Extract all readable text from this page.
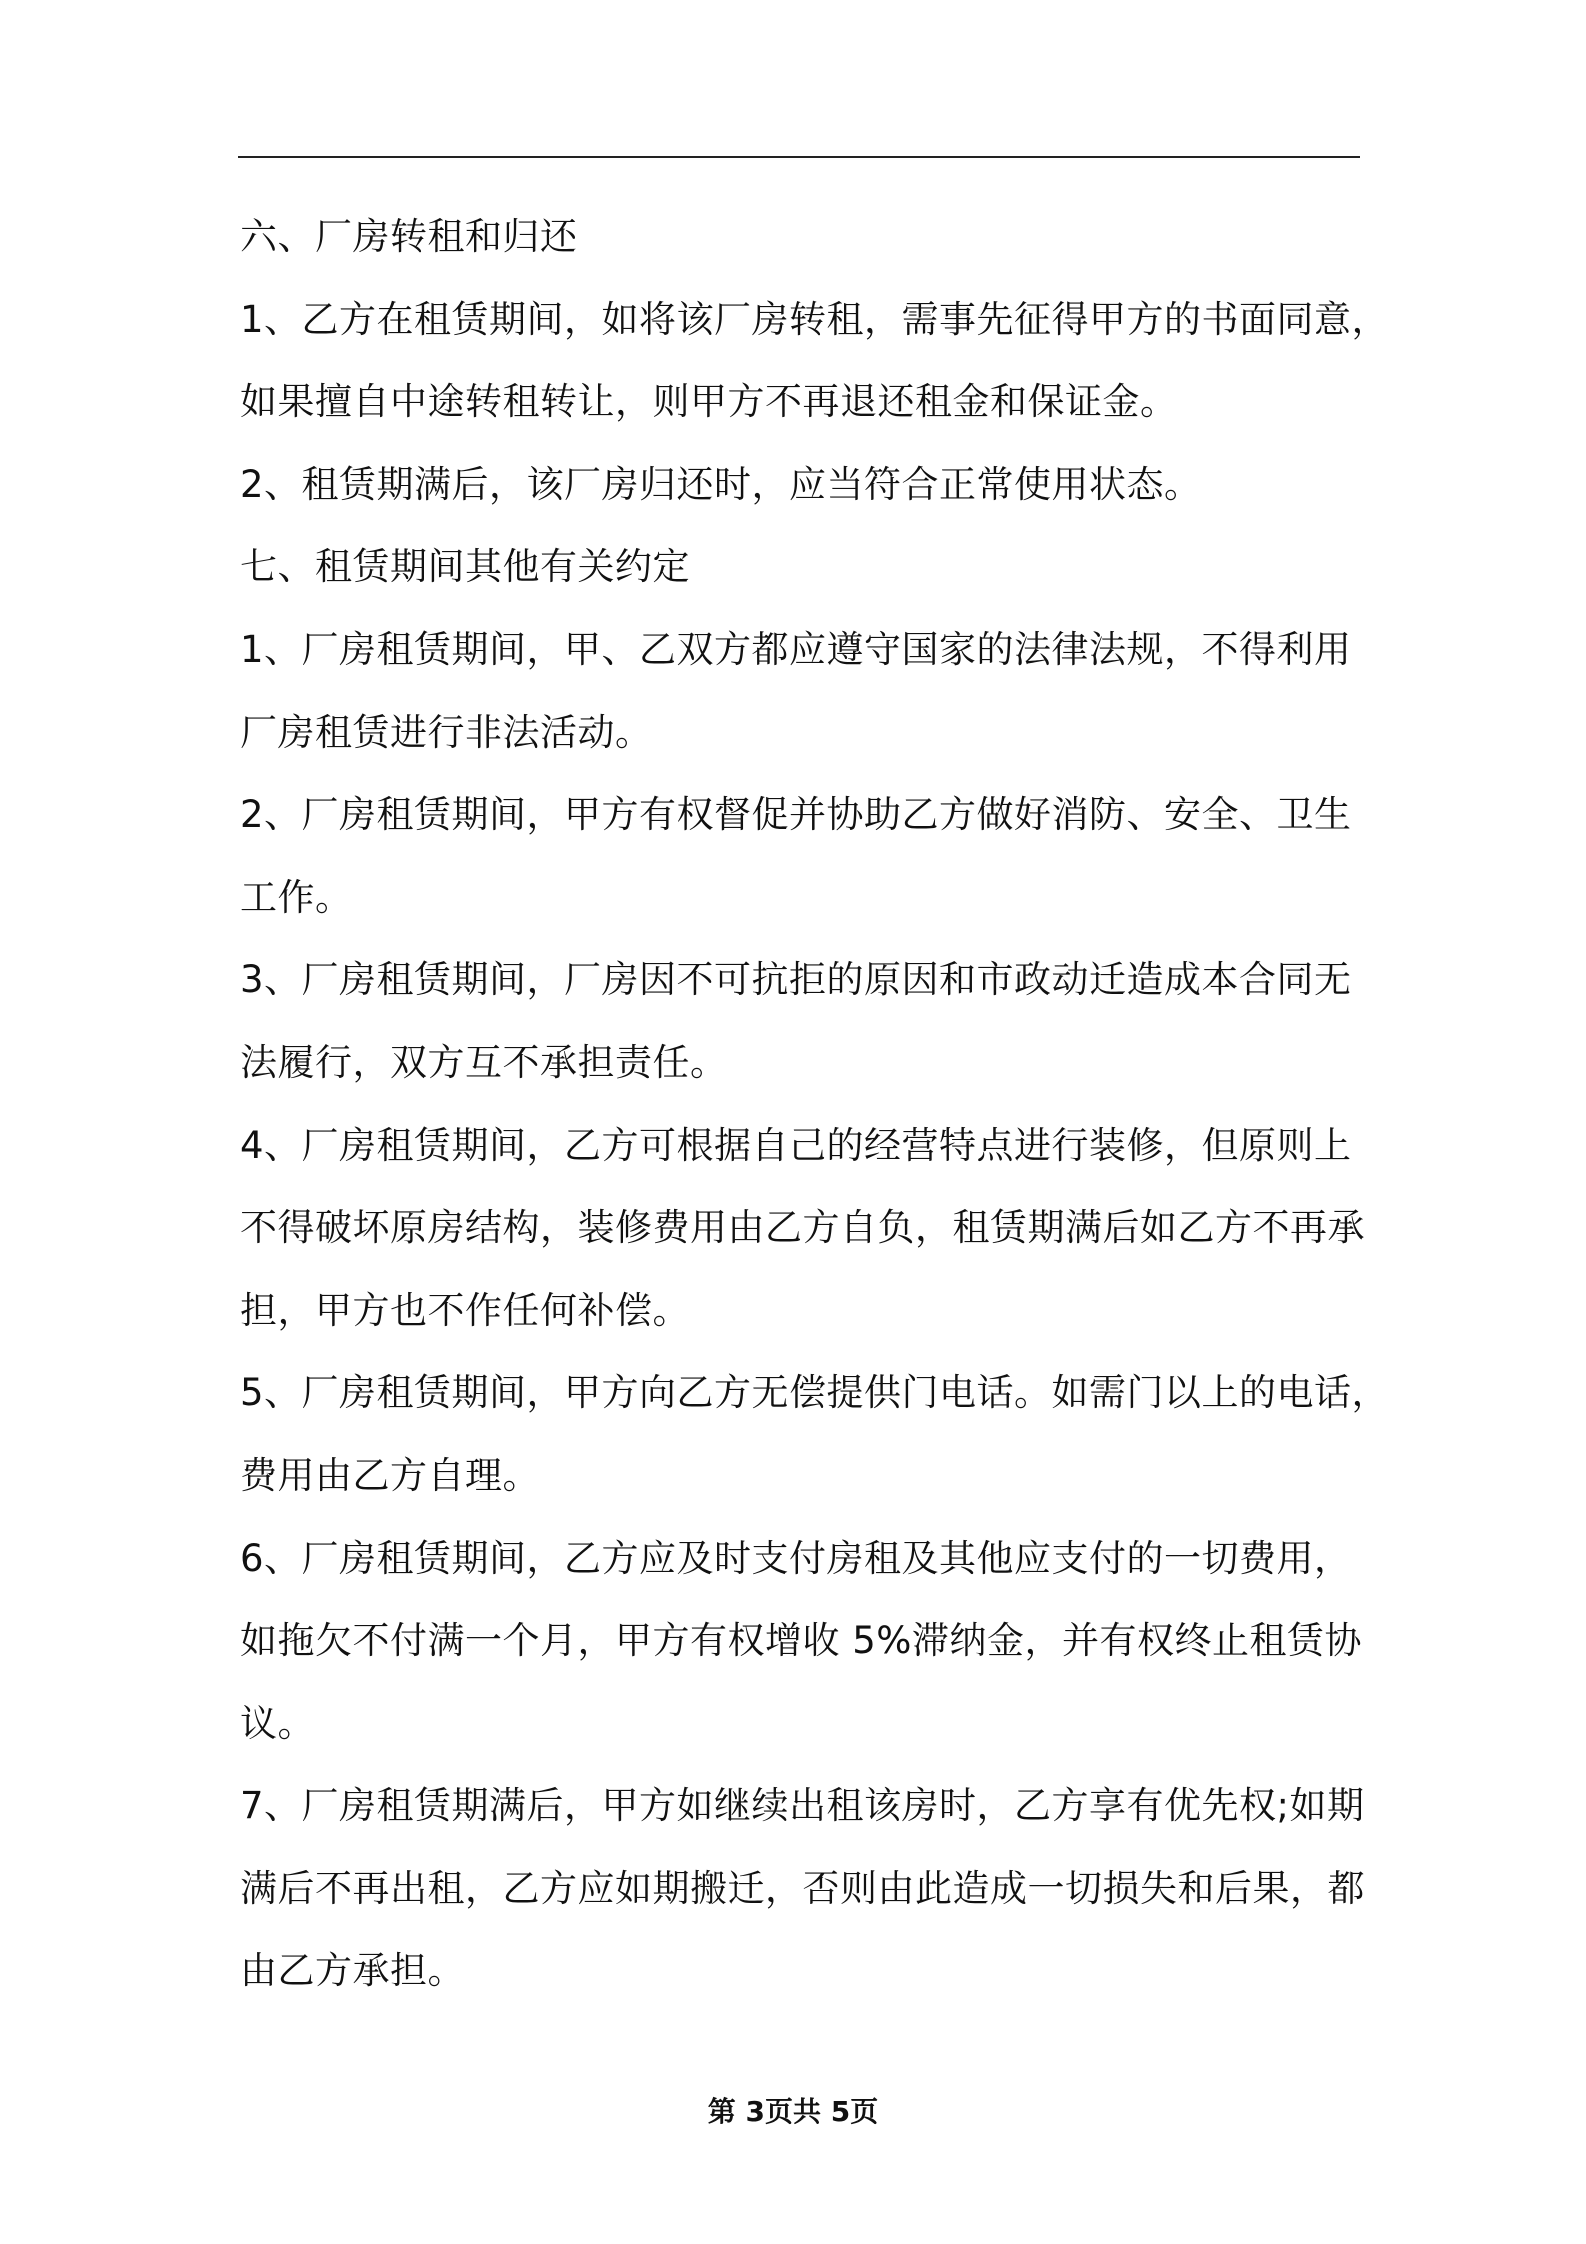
六、厂房转租和归还
1、乙方在租赁期间，如将该厂房转租，需事先征得甲方的书面同意，
如果擅自中途转租转让，则甲方不再退还租金和保证金。
2、租赁期满后，该厂房归还时，应当符合正常使用状态。
七、租赁期间其他有关约定
1、厂房租赁期间，甲、乙双方都应遵守国家的法律法规，不得利用
厂房租赁进行非法活动。
2、厂房租赁期间，甲方有权督促并协助乙方做好消防、安全、卫生
工作。
3、厂房租赁期间，厂房因不可抗拒的原因和市政动迁造成本合同无
法履行，双方互不承担责任。
4、厂房租赁期间，乙方可根据自己的经营特点进行装修，但原则上
不得破坏原房结构，装修费用由乙方自负，租赁期满后如乙方不再承
担，甲方也不作任何补偿。
5、厂房租赁期间，甲方向乙方无偿提供门电话。如需门以上的电话，
费用由乙方自理。
6、厂房租赁期间，乙方应及时支付房租及其他应支付的一切费用，
如拖欠不付满一个月，甲方有权增收 5%滞纳金，并有权终止租赁协
议。
7、厂房租赁期满后，甲方如继续出租该房时，乙方享有优先权;如期
满后不再出租，乙方应如期搬迁，否则由此造成一切损失和后果，都
由乙方承担。
第 3页共 5页
